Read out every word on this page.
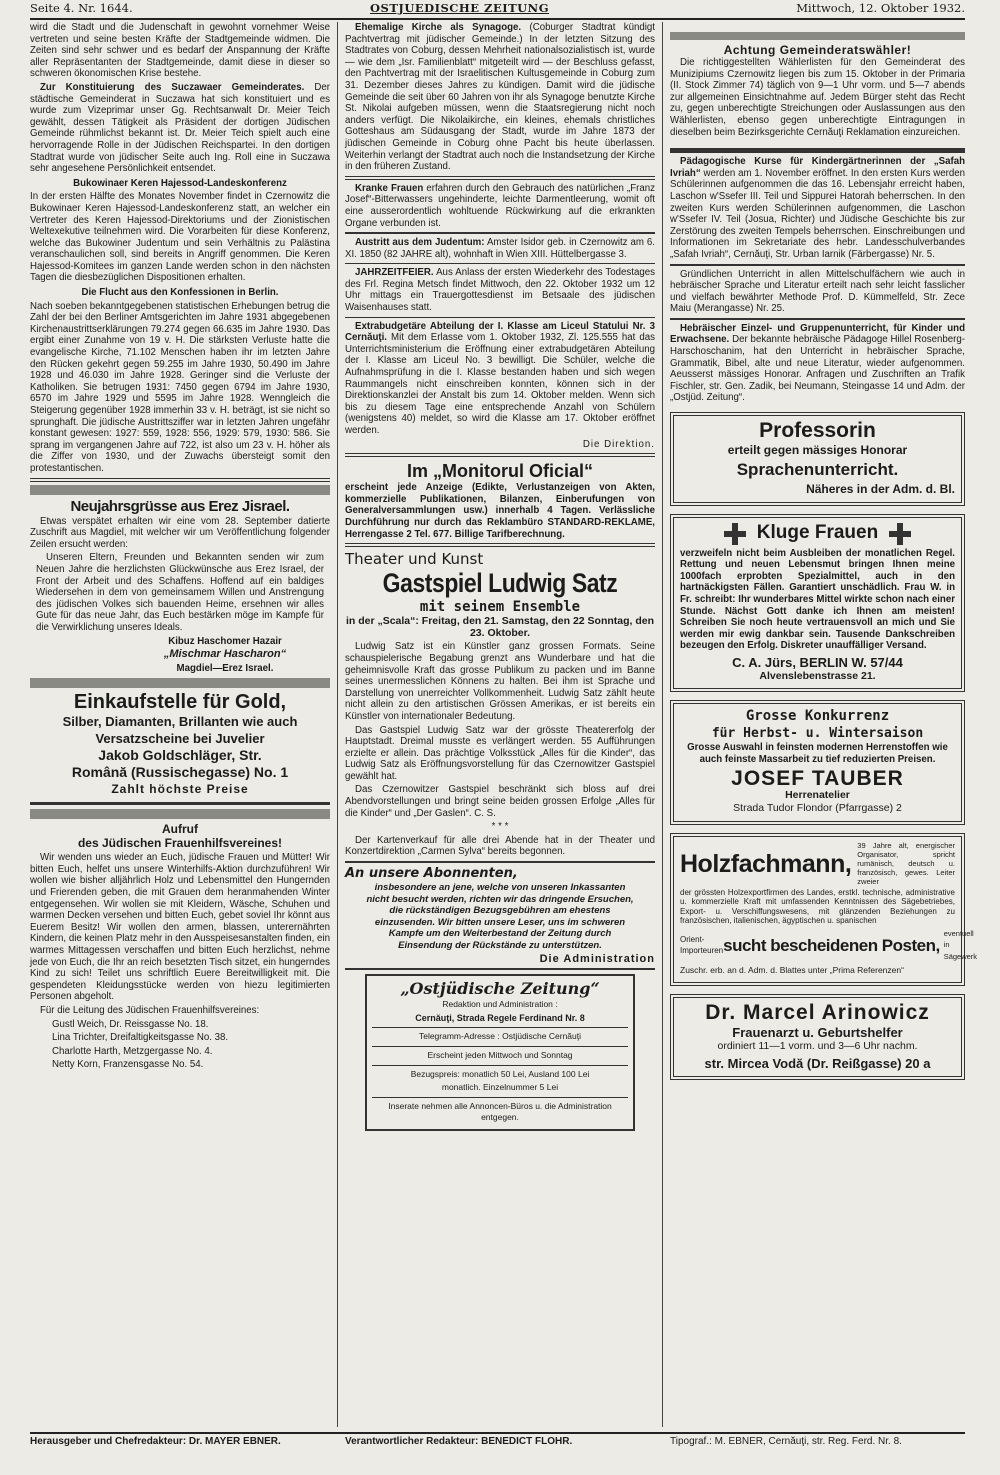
Seite 4. Nr. 1644.	OSTJUEDISCHE ZEITUNG	Mittwoch, 12. Oktober 1932.

wird die Stadt und die Judenschaft in gewohnt vornehmer Weise vertreten und seine besten Kräfte der Stadtgemeinde widmen. Die Zeiten sind sehr schwer und es bedarf der Anspannung der Kräfte aller Repräsentanten der Stadtgemeinde, damit diese in dieser so schweren ökonomischen Krise bestehe.

Zur Konstituierung des Suczawaer Gemeinderates. Der städtische Gemeinderat in Suczawa hat sich konstituiert und es wurde zum Vizeprimar unser Gg. Rechtsanwalt Dr. Meier Teich gewählt, dessen Tätigkeit als Präsident der dortigen Jüdischen Gemeinde rühmlichst bekannt ist. Dr. Meier Teich spielt auch eine hervorragende Rolle in der Jüdischen Reichspartei. In den dortigen Stadtrat wurde von jüdischer Seite auch Ing. Roll eine in Suczawa sehr angesehene Persönlichkeit entsendet.

Bukowinaer Keren Hajessod-Landeskonferenz

In der ersten Hälfte des Monates November findet in Czernowitz die Bukowinaer Keren Hajessod-Landeskonferenz statt, an welcher ein Vertreter des Keren Hajessod-Direktoriums und der Zionistischen Weltexekutive teilnehmen wird. Die Vorarbeiten für diese Konferenz, welche das Bukowiner Judentum und sein Verhältnis zu Palästina veranschaulichen soll, sind bereits in Angriff genommen. Die Keren Hajessod-Komitees im ganzen Lande werden schon in den nächsten Tagen die diesbezüglichen Dispositionen erhalten.

Die Flucht aus den Konfessionen in Berlin.

Nach soeben bekanntgegebenen statistischen Erhebungen betrug die Zahl der bei den Berliner Amtsgerichten im Jahre 1931 abgegebenen Kirchenaustrittserklärungen 79.274 gegen 66.635 im Jahre 1930. Das ergibt einer Zunahme von 19 v. H. Die stärksten Verluste hatte die evangelische Kirche, 71.102 Menschen haben ihr im letzten Jahre den Rücken gekehrt gegen 59.255 im Jahre 1930, 50.490 im Jahre 1928 und 46.030 im Jahre 1928. Geringer sind die Verluste der Katholiken. Sie betrugen 1931: 7450 gegen 6794 im Jahre 1930, 6570 im Jahre 1929 und 5595 im Jahre 1928. Wenngleich die Steigerung gegenüber 1928 immerhin 33 v. H. beträgt, ist sie nicht so sprunghaft. Die jüdische Austrittsziffer war in letzten Jahren ungefähr konstant gewesen: 1927: 559, 1928: 556, 1929: 579, 1930: 586. Sie sprang im vergangenen Jahre auf 722, ist also um 23 v. H. höher als die Ziffer von 1930, und der Zuwachs übersteigt somit den protestantischen.

Neujahrsgrüsse aus Erez Jisrael.

Etwas verspätet erhalten wir eine vom 28. September datierte Zuschrift aus Magdiel, mit welcher wir um Veröffentlichung folgender Zeilen ersucht werden:

Unseren Eltern, Freunden und Bekannten senden wir zum Neuen Jahre die herzlichsten Glückwünsche aus Erez Israel, der Front der Arbeit und des Schaffens. Hoffend auf ein baldiges Wiedersehen in dem von gemeinsamem Willen und Anstrengung des jüdischen Volkes sich bauenden Heime, ersehnen wir alles Gute für das neue Jahr, das Euch bestärken möge im Kampfe für die Verwirklichung unseres Ideals.

Kibuz Haschomer Hazair
„Mischmar Hascharon“
Magdiel—Erez Israel.
Einkaufstelle für Gold,
Silber, Diamanten, Brillanten wie auch Versatzscheine bei Juvelier
Jakob Goldschläger, Str.
Română (Russischegasse) No. 1
Zahlt höchste Preise
Aufruf
des Jüdischen Frauenhilfsvereines!

Wir wenden uns wieder an Euch, jüdische Frauen und Mütter! Wir bitten Euch, helfet uns unsere Winterhilfs-Aktion durchzuführen! Wir wollen wie bisher alljährlich Holz und Lebensmittel den Hungernden und Frierenden geben, die mit Grauen dem heranmahenden Winter entgegensehen. Wir wollen sie mit Kleidern, Wäsche, Schuhen und warmen Decken versehen und bitten Euch, gebet soviel Ihr könnt aus Euerem Besitz! Wir wollen den armen, blassen, unterernährten Kindern, die keinen Platz mehr in den Ausspeisesanstalten finden, ein warmes Mittagessen verschaffen und bitten Euch herzlichst, nehme jede von Euch, die Ihr an reich besetzten Tisch sitzet, ein hungerndes Kind zu sich! Teilet uns schriftlich Euere Bereitwilligkeit mit. Die gespendeten Kleidungsstücke werden von hiezu legitimierten Personen abgeholt.

Für die Leitung des Jüdischen Frauenhilfsvereines:

Gustl Weich, Dr. Reissgasse No. 18.
Lina Trichter, Dreifaltigkeitsgasse No. 38.
Charlotte Harth, Metzgergasse No. 4.
Netty Korn, Franzensgasse No. 54.

Ehemalige Kirche als Synagoge. (Coburger Stadtrat kündigt Pachtvertrag mit jüdischer Gemeinde.) In der letzten Sitzung des Stadtrates von Coburg, dessen Mehrheit nationalsozialistisch ist, wurde — wie dem „Isr. Familienblatt“ mitgeteilt wird — der Beschluss gefasst, den Pachtvertrag mit der Israelitischen Kultusgemeinde in Coburg zum 31. Dezember dieses Jahres zu kündigen. Damit wird die jüdische Gemeinde die seit über 60 Jahren von ihr als Synagoge benutzte Kirche St. Nikolai aufgeben müssen, wenn die Staatsregierung nicht noch anders verfügt. Die Nikolaikirche, ein kleines, ehemals christliches Gotteshaus am Südausgang der Stadt, wurde im Jahre 1873 der jüdischen Gemeinde in Coburg ohne Pacht bis heute überlassen. Weiterhin verlangt der Stadtrat auch noch die Instandsetzung der Kirche in den früheren Zustand.

Kranke Frauen erfahren durch den Gebrauch des natürlichen „Franz Josef“-Bitterwassers ungehinderte, leichte Darmentleerung, womit oft eine ausserordentlich wohltuende Rückwirkung auf die erkrankten Organe verbunden ist.

Austritt aus dem Judentum: Amster Isidor geb. in Czernowitz am 6. XI. 1850 (82 JAHRE alt), wohnhaft in Wien XIII. Hüttelbergasse 3.

JAHRZEITFEIER. Aus Anlass der ersten Wiederkehr des Todestages des Frl. Regina Metsch findet Mittwoch, den 22. Oktober 1932 um 12 Uhr mittags ein Trauergottesdienst im Betsaale des jüdischen Waisenhauses statt.

Extrabudgetäre Abteilung der I. Klasse am Liceul Statului Nr. 3 Cernăuţi. Mit dem Erlasse vom 1. Oktober 1932, Zl. 125.555 hat das Unterrichtsministerium die Eröffnung einer extrabudgetären Abteilung der I. Klasse am Liceul No. 3 bewilligt. Die Schüler, welche die Aufnahmsprüfung in die I. Klasse bestanden haben und sich wegen Raummangels nicht einschreiben konnten, können sich in der Direktionskanzlei der Anstalt bis zum 14. Oktober melden. Wenn sich bis zu diesem Tage eine entsprechende Anzahl von Schülern (wenigstens 40) meldet, so wird die Klasse am 17. Oktober eröffnet werden.

Die Direktion.
Im „Monitorul Oficial“

erscheint jede Anzeige (Edikte, Verlustanzeigen von Akten, kommerzielle Publikationen, Bilanzen, Einberufungen von Generalversammlungen usw.) innerhalb 4 Tagen. Verlässliche Durchführung nur durch das Reklambüro STANDARD-REKLAME, Herrengasse 2 Tel. 677. Billige Tarifberechnung.

Theater und Kunst
Gastspiel Ludwig Satz
mit seinem Ensemble

in der „Scala“: Freitag, den 21. Samstag, den 22 Sonntag, den 23. Oktober.

Ludwig Satz ist ein Künstler ganz grossen Formats. Seine schauspielerische Begabung grenzt ans Wunderbare und hat die geheimnisvolle Kraft das grosse Publikum zu packen und im Banne seines unermesslichen Könnens zu halten. Bei ihm ist Sprache und Darstellung von unerreichter Vollkommenheit. Ludwig Satz zählt heute nicht allein zu den artistischen Grössen Amerikas, er ist bereits ein Künstler von internationaler Bedeutung.

Das Gastspiel Ludwig Satz war der grösste Theatererfolg der Hauptstadt. Dreimal musste es verlängert werden. 55 Aufführungen erzielte er allein. Das prächtige Volksstück „Alles für die Kinder“, das Ludwig Satz als Eröffnungsvorstellung für das Czernowitzer Gastspiel gewählt hat.

Das Czernowitzer Gastspiel beschränkt sich bloss auf drei Abendvorstellungen und bringt seine beiden grossen Erfolge „Alles für die Kinder“ und „Der Gaslen“. C. S.

* * *

Der Kartenverkauf für alle drei Abende hat in der Theater und Konzertdirektion „Carmen Sylva“ bereits begonnen.

An unsere Abonnenten,

insbesondere an jene, welche von unseren Inkassanten nicht besucht werden, richten wir das dringende Ersuchen, die rückständigen Bezugsgebühren am ehestens einzusenden. Wir bitten unsere Leser, uns im schweren Kampfe um den Weiterbestand der Zeitung durch Einsendung der Rückstände zu unterstützen.

Die Administration
„Ostjüdische Zeitung“
Redaktion und Administration :
Cernăuţi, Strada Regele Ferdinand Nr. 8
Telegramm-Adresse : Ostjüdische Cernăuţi
Erscheint jeden Mittwoch und Sonntag
Bezugspreis: monatlich 50 Lei, Ausland 100 Lei
monatlich. Einzelnummer 5 Lei
Inserate nehmen alle Annoncen-Büros u. die Administration entgegen.
Achtung Gemeinderatswähler!

Die richtiggestellten Wählerlisten für den Gemeinderat des Munizipiums Czernowitz liegen bis zum 15. Oktober in der Primaria (II. Stock Zimmer 74) täglich von 9—1 Uhr vorm. und 5—7 abends zur allgemeinen Einsichtnahme auf. Jedem Bürger steht das Recht zu, gegen unberechtigte Streichungen oder Auslassungen aus den Wählerlisten, ebenso gegen unberechtigte Eintragungen in dieselben beim Bezirksgerichte Cernăuţi Reklamation einzureichen.

Pädagogische Kurse für Kindergärtnerinnen der „Safah Ivriah“ werden am 1. November eröffnet. In den ersten Kurs werden Schülerinnen aufgenommen die das 16. Lebensjahr erreicht haben, Laschon w'Ssefer III. Teil und Sippurei Hatorah beherrschen. In den zweiten Kurs werden Schülerinnen aufgenommen, die Laschon w'Ssefer IV. Teil (Josua, Richter) und Jüdische Geschichte bis zur Zerstörung des zweiten Tempels beherrschen. Einschreibungen und Informationen im Sekretariate des hebr. Landesschulverbandes „Safah Ivriah“, Cernăuţi, Str. Urban Iarnik (Färbergasse) Nr. 5.

Gründlichen Unterricht in allen Mittelschulfächern wie auch in hebräischer Sprache und Literatur erteilt nach sehr leicht fasslicher und vielfach bewährter Methode Prof. D. Kümmelfeld, Str. Zece Maiu (Merangasse) Nr. 25.

Hebräischer Einzel- und Gruppenunterricht, für Kinder und Erwachsene. Der bekannte hebräische Pädagoge Hillel Rosenberg-Harschoschanim, hat den Unterricht in hebräischer Sprache, Grammatik, Bibel, alte und neue Literatur, wieder aufgenommen. Aeusserst mässiges Honorar. Anfragen und Zuschriften an Trafik Fischler, str. Gen. Zadik, bei Neumann, Steingasse 14 und Adm. der „Ostjüd. Zeitung“.

Professorin
erteilt gegen mässiges Honorar
Sprachenunterricht.
Näheres in der Adm. d. Bl.
Kluge Frauen

verzweifeln nicht beim Ausbleiben der monatlichen Regel. Rettung und neuen Lebensmut bringen Ihnen meine 1000fach erprobten Spezialmittel, auch in den hartnäckigsten Fällen. Garantiert unschädlich. Frau W. in Fr. schreibt: Ihr wunderbares Mittel wirkte schon nach einer Stunde. Nächst Gott danke ich Ihnen am meisten! Schreiben Sie noch heute vertrauensvoll an mich und Sie werden mir ewig dankbar sein. Tausende Dankschreiben bezeugen den Erfolg. Diskreter unauffälliger Versand.

C. A. Jürs, BERLIN W. 57/44
Alvenslebenstrasse 21.
Grosse Konkurrenz
für Herbst- u. Wintersaison

Grosse Auswahl in feinsten modernen Herrenstoffen wie auch feinste Massarbeit zu tief reduzierten Preisen.

JOSEF TAUBER
Herrenatelier
Strada Tudor Flondor (Pfarrgasse) 2
Holzfachmann,
39 Jahre alt, energischer Organisator, spricht rumänisch, deutsch u. französisch, gewes. Leiter zweier

der grössten Holzexportfirmen des Landes, erstkl. technische, administrative u. kommerzielle Kraft mit umfassenden Kenntnissen des Sägebetriebes, Export- u. Verschiffungswesens, mit glänzenden Beziehungen zu französischen, italienischen, ägyptischen u. spanischen

Orient-Importeuren sucht bescheidenen Posten,
eventuell in Sägewerk
Zuschr. erb. an d. Adm. d. Blattes unter „Prima Referenzen“
Dr. Marcel Arinowicz
Frauenarzt u. Geburtshelfer
ordiniert 11—1 vorm. und 3—6 Uhr nachm.
str. Mircea Vodă (Dr. Reißgasse) 20 a
Herausgeber und Chefredakteur: Dr. MAYER EBNER.	Verantwortlicher Redakteur: BENEDICT FLOHR.	Tipograf.: M. EBNER, Cernăuţi, str. Reg. Ferd. Nr. 8.
